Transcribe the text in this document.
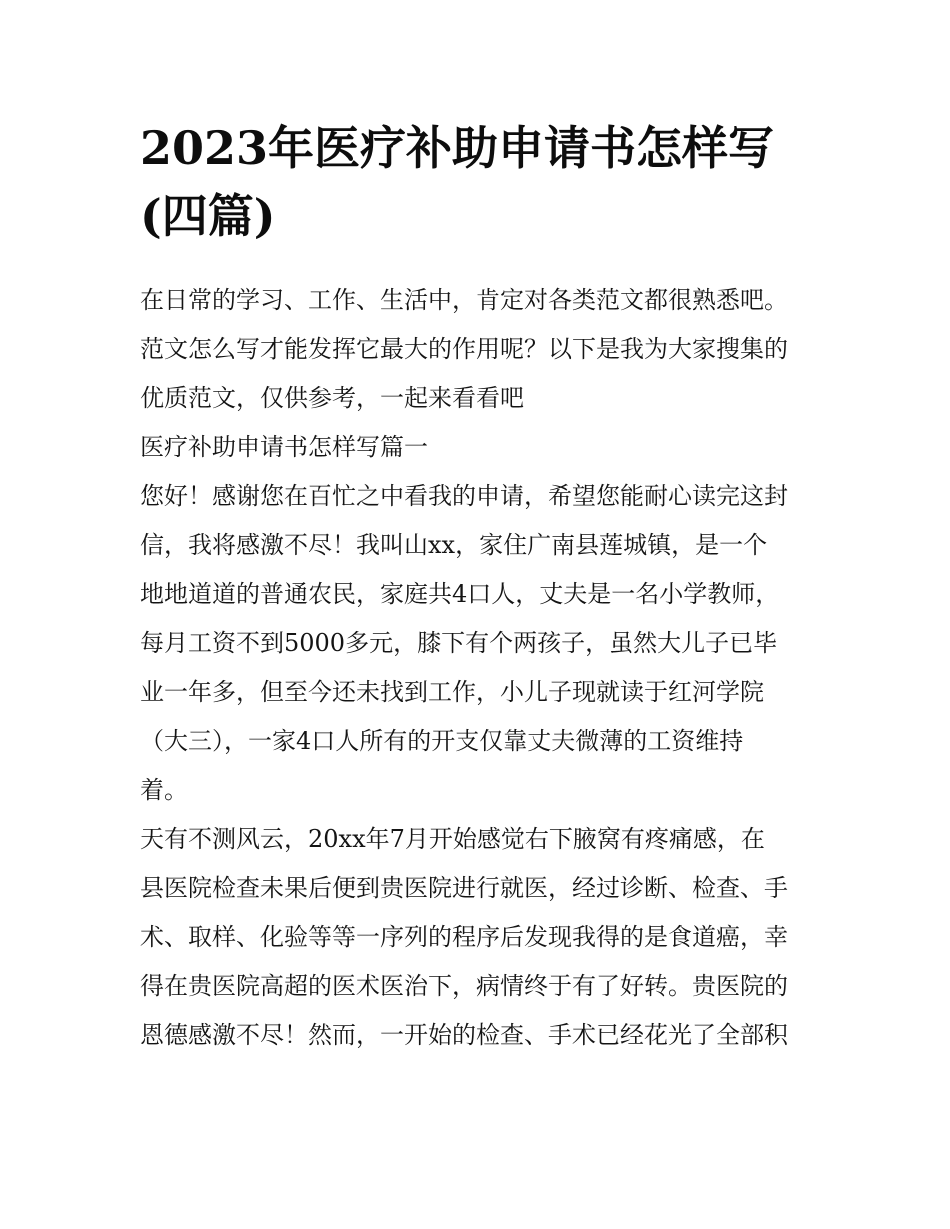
2023年医疗补助申请书怎样写
(四篇)

在日常的学习、工作、生活中，肯定对各类范文都很熟悉吧。

范文怎么写才能发挥它最大的作用呢？以下是我为大家搜集的

优质范文，仅供参考，一起来看看吧

医疗补助申请书怎样写篇一

您好！感谢您在百忙之中看我的申请，希望您能耐心读完这封

信，我将感激不尽！我叫山xx，家住广南县莲城镇，是一个

地地道道的普通农民，家庭共4口人，丈夫是一名小学教师，

每月工资不到5000多元，膝下有个两孩子，虽然大儿子已毕

业一年多，但至今还未找到工作，小儿子现就读于红河学院

（大三），一家4口人所有的开支仅靠丈夫微薄的工资维持

着。

天有不测风云，20xx年7月开始感觉右下腋窝有疼痛感，在

县医院检查未果后便到贵医院进行就医，经过诊断、检查、手

术、取样、化验等等一序列的程序后发现我得的是食道癌，幸

得在贵医院高超的医术医治下，病情终于有了好转。贵医院的

恩德感激不尽！然而，一开始的检查、手术已经花光了全部积
